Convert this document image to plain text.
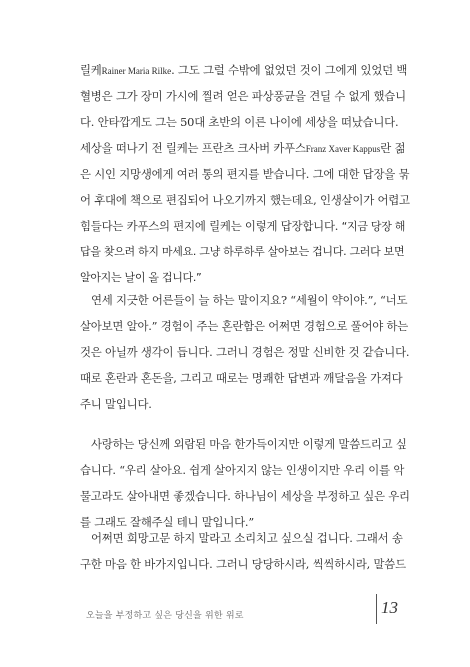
릴케Rainer Maria Rilke. 그도 그럴 수밖에 없었던 것이 그에게 있었던 백
혈병은 그가 장미 가시에 찔려 얻은 파상풍균을 견딜 수 없게 했습니
다. 안타깝게도 그는 50대 초반의 이른 나이에 세상을 떠났습니다.
세상을 떠나기 전 릴케는 프란츠 크사버 카푸스Franz Xaver Kappus란 젊
은 시인 지망생에게 여러 통의 편지를 받습니다. 그에 대한 답장을 묶
어 후대에 책으로 편집되어 나오기까지 했는데요, 인생살이가 어렵고
힘들다는 카푸스의 편지에 릴케는 이렇게 답장합니다. “지금 당장 해
답을 찾으려 하지 마세요. 그냥 하루하루 살아보는 겁니다. 그러다 보면
알아지는 날이 올 겁니다.”
연세 지긋한 어른들이 늘 하는 말이지요? “세월이 약이야.”, “너도
살아보면 알아.” 경험이 주는 혼란함은 어쩌면 경험으로 풀어야 하는
것은 아닐까 생각이 듭니다. 그러니 경험은 정말 신비한 것 같습니다.
때로 혼란과 혼돈을, 그리고 때로는 명쾌한 답변과 깨달음을 가져다
주니 말입니다.
사랑하는 당신께 외람된 마음 한가득이지만 이렇게 말씀드리고 싶
습니다. “우리 살아요. 쉽게 살아지지 않는 인생이지만 우리 이를 악
물고라도 살아내면 좋겠습니다. 하나님이 세상을 부정하고 싶은 우리
를 그래도 잘해주실 테니 말입니다.”
어쩌면 희망고문 하지 말라고 소리치고 싶으실 겁니다. 그래서 송
구한 마음 한 바가지입니다. 그러니 당당하시라, 씩씩하시라, 말씀드
오늘을 부정하고 싶은 당신을 위한 위로	13
